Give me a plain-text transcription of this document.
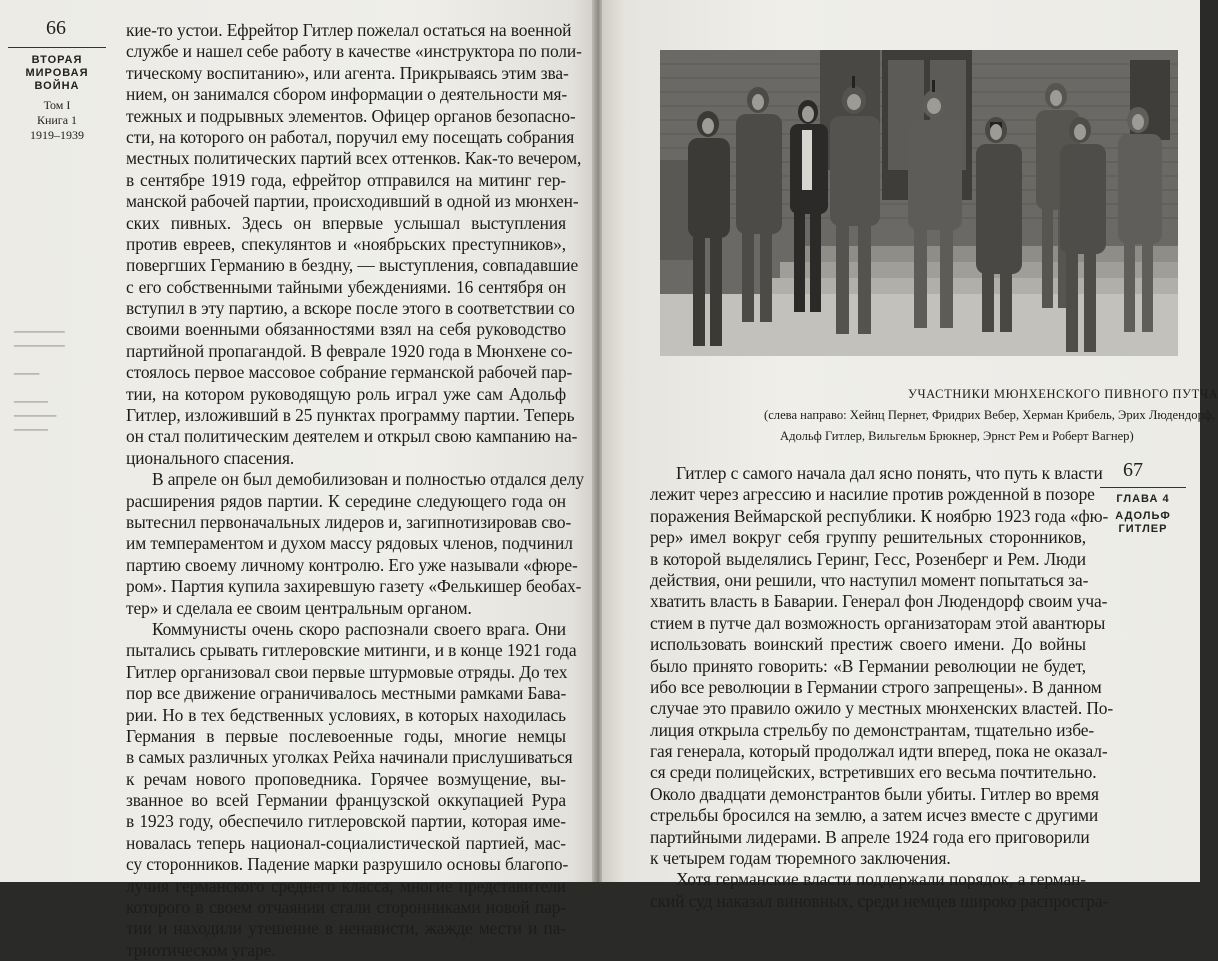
▁▁▁▁▁▁
▁▁▁▁▁▁

▁▁▁

▁▁▁▁
▁▁▁▁▁
▁▁▁▁
66
ВТОРАЯ
МИРОВАЯ
ВОЙНА
Том I
Книга 1
1919–1939
кие-то устои. Ефрейтор Гитлер пожелал остаться на военной
службе и нашел себе работу в качестве «инструктора по поли-
тическому воспитанию», или агента. Прикрываясь этим зва-
нием, он занимался сбором информации о деятельности мя-
тежных и подрывных элементов. Офицер органов безопасно-
сти, на которого он работал, поручил ему посещать собрания
местных политических партий всех оттенков. Как-то вечером,
в сентябре 1919 года, ефрейтор отправился на митинг гер-
манской рабочей партии, происходивший в одной из мюнхен-
ских пивных. Здесь он впервые услышал выступления
против евреев, спекулянтов и «ноябрьских преступников»,
повергших Германию в бездну, — выступления, совпадавшие
с его собственными тайными убеждениями. 16 сентября он
вступил в эту партию, а вскоре после этого в соответствии со
своими военными обязанностями взял на себя руководство
партийной пропагандой. В феврале 1920 года в Мюнхене со-
стоялось первое массовое собрание германской рабочей пар-
тии, на котором руководящую роль играл уже сам Адольф
Гитлер, изложивший в 25 пунктах программу партии. Теперь
он стал политическим деятелем и открыл свою кампанию на-
ционального спасения.
В апреле он был демобилизован и полностью отдался делу
расширения рядов партии. К середине следующего года он
вытеснил первоначальных лидеров и, загипнотизировав сво-
им темпераментом и духом массу рядовых членов, подчинил
партию своему личному контролю. Его уже называли «фюре-
ром». Партия купила захиревшую газету «Фелькишер беобах-
тер» и сделала ее своим центральным органом.
Коммунисты очень скоро распознали своего врага. Они
пытались срывать гитлеровские митинги, и в конце 1921 года
Гитлер организовал свои первые штурмовые отряды. До тех
пор все движение ограничивалось местными рамками Бава-
рии. Но в тех бедственных условиях, в которых находилась
Германия в первые послевоенные годы, многие немцы
в самых различных уголках Рейха начинали прислушиваться
к речам нового проповедника. Горячее возмущение, вы-
званное во всей Германии французской оккупацией Рура
в 1923 году, обеспечило гитлеровской партии, которая име-
новалась теперь национал-социалистической партией, мас-
су сторонников. Падение марки разрушило основы благопо-
лучия германского среднего класса, многие представители
которого в своем отчаянии стали сторонниками новой пар-
тии и находили утешение в ненависти, жажде мести и па-
триотическом угаре.
УЧАСТНИКИ МЮНХЕНСКОГО ПИВНОГО ПУТЧА
(слева направо: Хейнц Пернет, Фридрих Вебер, Херман Крибель, Эрих Людендорф,
Адольф Гитлер, Вильгельм Брюкнер, Эрнст Рем и Роберт Вагнер)
67
ГЛАВА 4
АДОЛЬФ
ГИТЛЕР
Гитлер с самого начала дал ясно понять, что путь к власти
лежит через агрессию и насилие против рожденной в позоре
поражения Веймарской республики. К ноябрю 1923 года «фю-
рер» имел вокруг себя группу решительных сторонников,
в которой выделялись Геринг, Гесс, Розенберг и Рем. Люди
действия, они решили, что наступил момент попытаться за-
хватить власть в Баварии. Генерал фон Людендорф своим уча-
стием в путче дал возможность организаторам этой авантюры
использовать воинский престиж своего имени. До войны
было принято говорить: «В Германии революции не будет,
ибо все революции в Германии строго запрещены». В данном
случае это правило ожило у местных мюнхенских властей. По-
лиция открыла стрельбу по демонстрантам, тщательно избе-
гая генерала, который продолжал идти вперед, пока не оказал-
ся среди полицейских, встретивших его весьма почтительно.
Около двадцати демонстрантов были убиты. Гитлер во время
стрельбы бросился на землю, а затем исчез вместе с другими
партийными лидерами. В апреле 1924 года его приговорили
к четырем годам тюремного заключения.
Хотя германские власти поддержали порядок, а герман-
ский суд наказал виновных, среди немцев широко распростра-
